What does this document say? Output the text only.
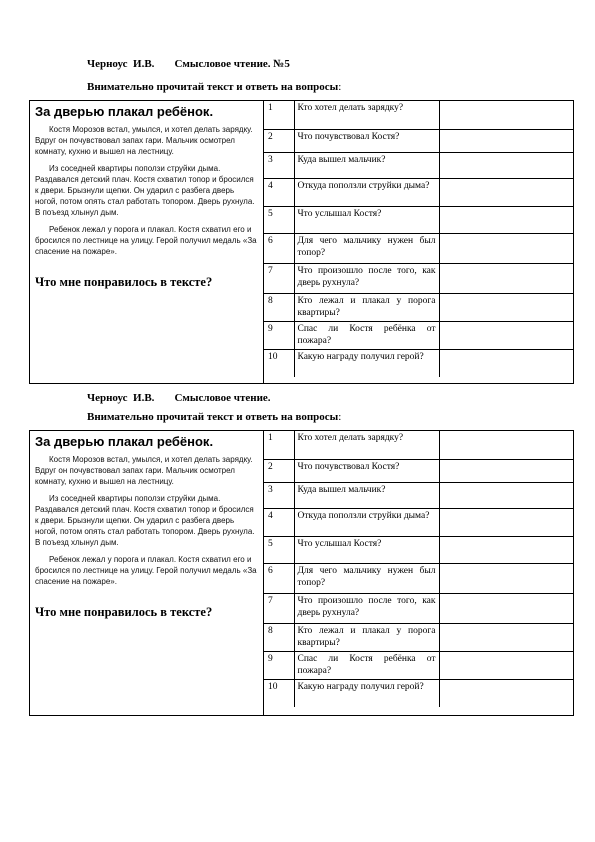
Черноус  И.В. Смысловое чтение. №5
Внимательно прочитай текст и ответь на вопросы:
За дверью плакал ребёнок.

Костя Морозов встал, умылся, и хотел делать зарядку. Вдруг он почувствовал запах гари. Мальчик осмотрел комнату, кухню и вышел на лестницу.

Из соседней квартиры поползи струйки дыма. Раздавался детский плач. Костя схватил топор и бросился к двери. Брызнули щепки. Он ударил с разбега дверь ногой, потом опять стал работать топором. Дверь рухнула. В поъезд хлынул дым.

Ребенок лежал у порога и плакал. Костя схватил его и бросился по лестнице на улицу. Герой получил медаль «За спасение на пожаре».

Что мне понравилось в тексте?
1	Кто хотел делать зарядку?	
2	Что почувствовал Костя?	
3	Куда вышел мальчик?	
4	Откуда поползли струйки дыма?	
5	Что услышал Костя?	
6	Для чего мальчику нужен был топор?	
7	Что произошло после того, как дверь рухнула?	
8	Кто лежал и плакал у порога квартиры?	
9	Спас ли Костя ребёнка от пожара?	
10	Какую награду получил герой?	
Черноус  И.В. Смысловое чтение.
Внимательно прочитай текст и ответь на вопросы:
За дверью плакал ребёнок.

Костя Морозов встал, умылся, и хотел делать зарядку. Вдруг он почувствовал запах гари. Мальчик осмотрел комнату, кухню и вышел на лестницу.

Из соседней квартиры поползи струйки дыма. Раздавался детский плач. Костя схватил топор и бросился к двери. Брызнули щепки. Он ударил с разбега дверь ногой, потом опять стал работать топором. Дверь рухнула. В поъезд хлынул дым.

Ребенок лежал у порога и плакал. Костя схватил его и бросился по лестнице на улицу. Герой получил медаль «За спасение на пожаре».

Что мне понравилось в тексте?
1	Кто хотел делать зарядку?	
2	Что почувствовал Костя?	
3	Куда вышел мальчик?	
4	Откуда поползли струйки дыма?	
5	Что услышал Костя?	
6	Для чего мальчику нужен был топор?	
7	Что произошло после того, как дверь рухнула?	
8	Кто лежал и плакал у порога квартиры?	
9	Спас ли Костя ребёнка от пожара?	
10	Какую награду получил герой?	
